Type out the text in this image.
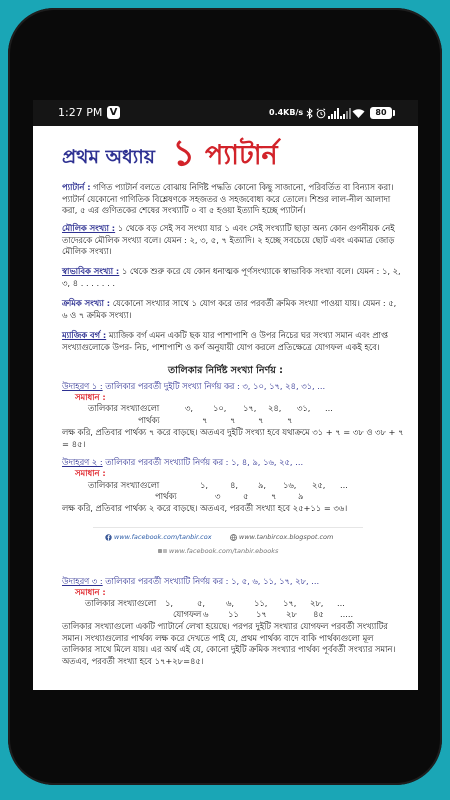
1:27 PM V	0.4KB/s	80
প্রথম অধ্যায় ১ প্যাটার্ন
প্যাটার্ন : গণিত প্যাটার্ন বলতে বোঝায় নির্দিষ্ট পদ্ধতি কোনো কিছু সাজানো, পরিবর্তিত বা বিন্যাস করা। প্যাটার্ন যেকোনো গাণিতিক বিশ্লেষণকে সহজতর ও সহজবোধ্য করে তোলে। শিশুর লাল-নীল আলাদা করা, ৫ এর গুণিতকের শেষের সংখ্যাটি ০ বা ৫ হওয়া ইত্যাদি হচ্ছে প্যাটার্ন।
মৌলিক সংখ্যা : ১ থেকে বড় সেই সব সংখ্যা যার ১ এবং সেই সংখ্যাটি ছাড়া অন্য কোন গুণনীয়ক নেই তাদেরকে মৌলিক সংখ্যা বলে। যেমন : ২, ৩, ৫, ৭ ইত্যাদি। ২ হচ্ছে সবচেয়ে ছোট এবং একমাত্র জোড় মৌলিক সংখ্যা।
স্বাভাবিক সংখ্যা : ১ থেকে শুরু করে যে কোন ধনাত্মক পূর্ণসংখ্যাকে স্বাভাবিক সংখ্যা বলে। যেমন : ১, ২, ৩, ৪ . . . . . . .
ক্রমিক সংখ্যা : যেকোনো সংখ্যার সাথে ১ যোগ করে তার পরবর্তী ক্রমিক সংখ্যা পাওয়া যায়। যেমন : ৫, ৬ ও ৭ ক্রমিক সংখ্যা।
ম্যাজিক বর্গ : ম্যাজিক বর্গ এমন একটি ছক যার পাশাপাশি ও উপর নিচের ঘর সংখ্যা সমান এবং প্রাপ্ত সংখ্যাগুলোকে উপর- নিচ, পাশাপাশি ও কর্ণ অনুযায়ী যোগ করলে প্রতিক্ষেত্রে যোগফল একই হবে।
তালিকার নির্দিষ্ট সংখ্যা নির্ণয় :
উদাহরণ ১ : তালিকার পরবর্তী দুইটি সংখ্যা নির্ণয় কর : ৩, ১০, ১৭, ২৪, ৩১, ...
সমাধান :
তালিকার সংখ্যাগুলো	৩, ১০, ১৭, ২৪, ৩১, ...
পার্থক্য	৭	৭	৭	৭
লক্ষ করি, প্রতিবার পার্থক্য ৭ করে বাড়ছে। অতএব দুইটি সংখ্যা হবে যথাক্রমে ৩১ + ৭ = ৩৮ ও ৩৮ + ৭ = ৪৫।
উদাহরণ ২ : তালিকার পরবর্তী সংখ্যাটি নির্ণয় কর : ১, ৪, ৯, ১৬, ২৫, ...
সমাধান :
তালিকার সংখ্যাগুলো	১,	৪, ৯, ১৬, ২৫, ...
পার্থক্য	৩	৫	৭	৯
লক্ষ করি, প্রতিবার পার্থক্য ২ করে বাড়ছে। অতএব, পরবর্তী সংখ্যা হবে ২৫+১১ = ৩৬।
www.facebook.com/tanbir.cox	www.tanbircox.blogspot.com
www.facebook.com/tanbir.ebooks
উদাহরণ ৩ : তালিকার পরবর্তী সংখ্যাটি নির্ণয় কর : ১, ৫, ৬, ১১, ১৭, ২৮, ...
সমাধান :
তালিকার সংখ্যাগুলো ১,	৫,	৬, ১১, ১৭, ২৮, ...
যোগফল ৬ ১১ ১৭ ২৮ ৪৫ .....
তালিকার সংখ্যাগুলো একটি প্যাটার্নে লেখা হয়েছে। পরপর দুইটি সংখ্যার যোগফল পরবর্তী সংখ্যাটির সমান। সংখ্যাগুলোর পার্থক্য লক্ষ করে দেখতে পাই যে, প্রথম পার্থক্য বাদে বাকি পার্থক্যগুলো মূল তালিকার সাথে মিলে যায়। এর অর্থ এই যে, কোনো দুইটি ক্রমিক সংখ্যার পার্থক্য পূর্ববর্তী সংখ্যার সমান। অতএব, পরবর্তী সংখ্যা হবে ১৭+২৮=৪৫।
